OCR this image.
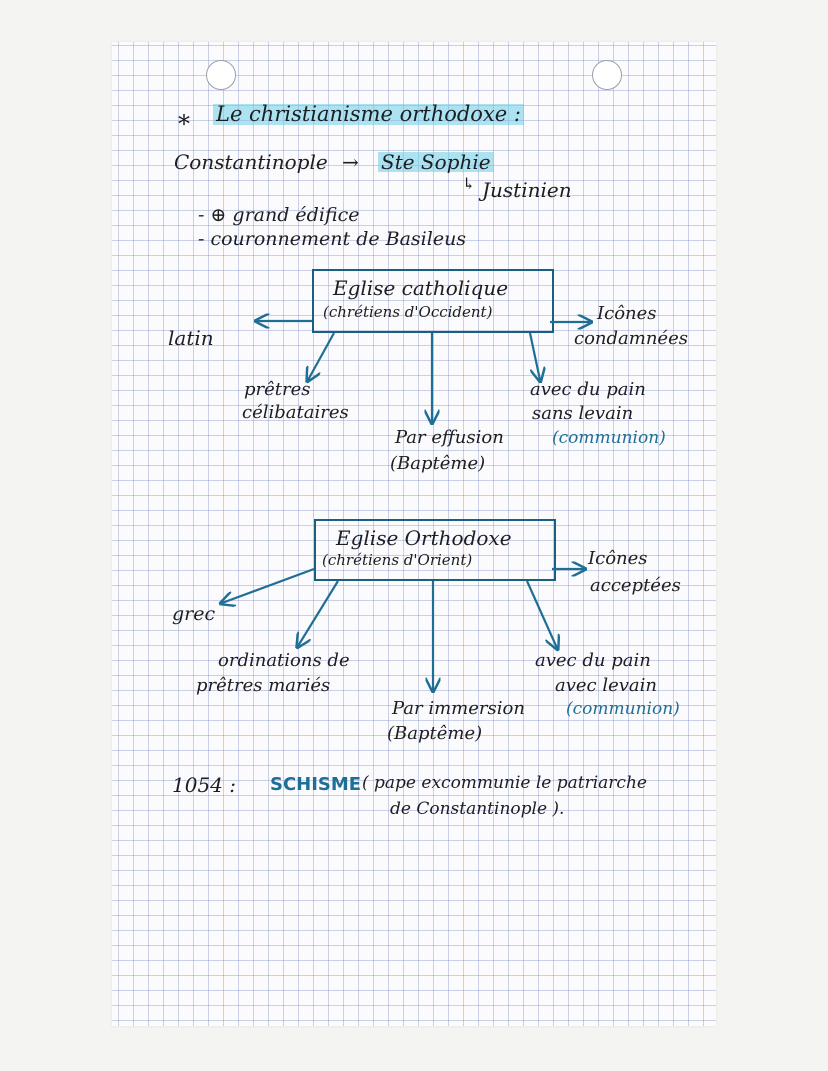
* Le christianisme orthodoxe :
Constantinople → Ste Sophie
↳ Justinien
- ⊕ grand édifice
- couronnement de Basileus
Eglise catholique
(chrétiens d'Occident)
latin
Icônes
condamnées
prêtres
célibataires
Par effusion
(Baptême)
avec du pain
sans levain
(communion)
Eglise Orthodoxe
(chrétiens d'Orient)
grec
Icônes
acceptées
ordinations de
prêtres mariés
Par immersion
(Baptême)
avec du pain
avec levain
(communion)
1054 : SCHISME ( pape excommunie le patriarche
de Constantinople ).
